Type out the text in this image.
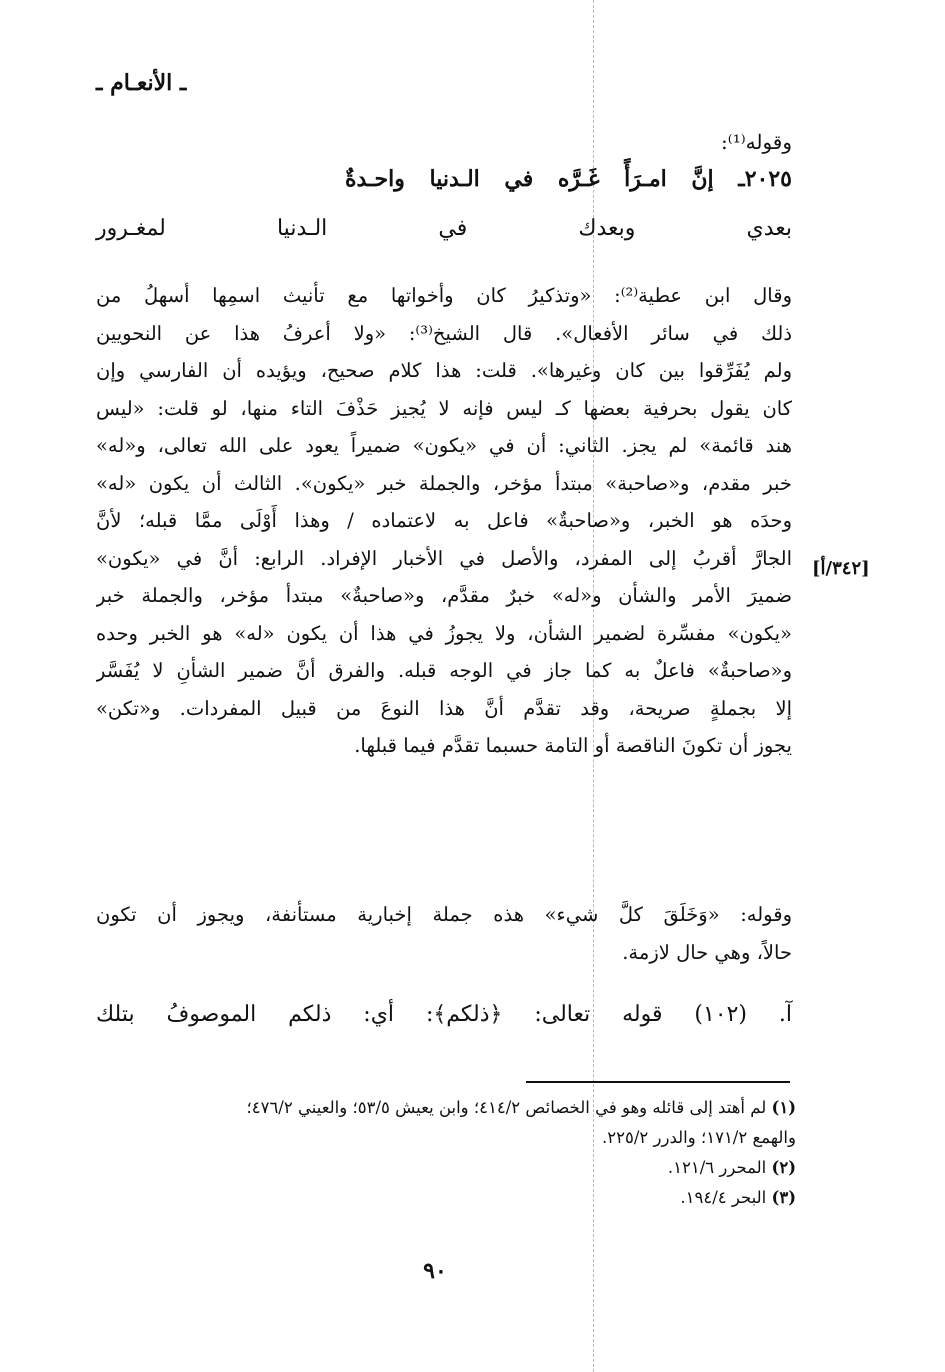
ـ الأنعـام ـ
وقوله⁽¹⁾:
٢٠٢٥ـ إنَّ امـرَأً غَـرَّه في الـدنيا واحـدةٌ
بعدي وبعدك في الـدنيا لمغـرور
وقال ابن عطية⁽²⁾: «وتذكيرُ كان وأخواتها مع تأنيث اسمِها أسهلُ من
ذلك في سائر الأفعال». قال الشيخ⁽³⁾: «ولا أعرفُ هذا عن النحويين
ولم يُفَرِّقوا بين كان وغيرها». قلت: هذا كلام صحيح، ويؤيده أن الفارسي وإن
كان يقول بحرفية بعضها كـ ليس فإنه لا يُجيز حَذْفَ التاء منها، لو قلت: «ليس
هند قائمة» لم يجز. الثاني: أن في «يكون» ضميراً يعود على الله تعالى، و«له»
خبر مقدم، و«صاحبة» مبتدأ مؤخر، والجملة خبر «يكون». الثالث أن يكون «له»
وحدَه هو الخبر، و«صاحبةٌ» فاعل به لاعتماده / وهذا أَوْلَى ممَّا قبله؛ لأنَّ
الجارَّ أقربُ إلى المفرد، والأصل في الأخبار الإفراد. الرابع: أنَّ في «يكون»
ضميرَ الأمر والشأن و«له» خبرٌ مقدَّم، و«صاحبةٌ» مبتدأ مؤخر، والجملة خبر
«يكون» مفسِّرة لضمير الشأن، ولا يجوزُ في هذا أن يكون «له» هو الخبر وحده
و«صاحبةٌ» فاعلٌ به كما جاز في الوجه قبله. والفرق أنَّ ضمير الشأنِ لا يُفَسَّر
إلا بجملةٍ صريحة، وقد تقدَّم أنَّ هذا النوعَ من قبيل المفردات. و«تكن»
يجوز أن تكونَ الناقصة أو التامة حسبما تقدَّم فيما قبلها.
[٣٤٢/أ]
وقوله: «وَخَلَقَ كلَّ شيء» هذه جملة إخبارية مستأنفة، ويجوز أن تكون
حالاً، وهي حال لازمة.
آ. (١٠٢) قوله تعالى: ﴿ذلكم﴾: أي: ذلكم الموصوفُ بتلك
(١) لم أهتد إلى قائله وهو في الخصائص ٤١٤/٢؛ وابن يعيش ٥٣/٥؛ والعيني ٤٧٦/٢؛
والهمع ١٧١/٢؛ والدرر ٢٢٥/٢.
(٢) المحرر ١٢١/٦.
(٣) البحر ١٩٤/٤.
٩٠
